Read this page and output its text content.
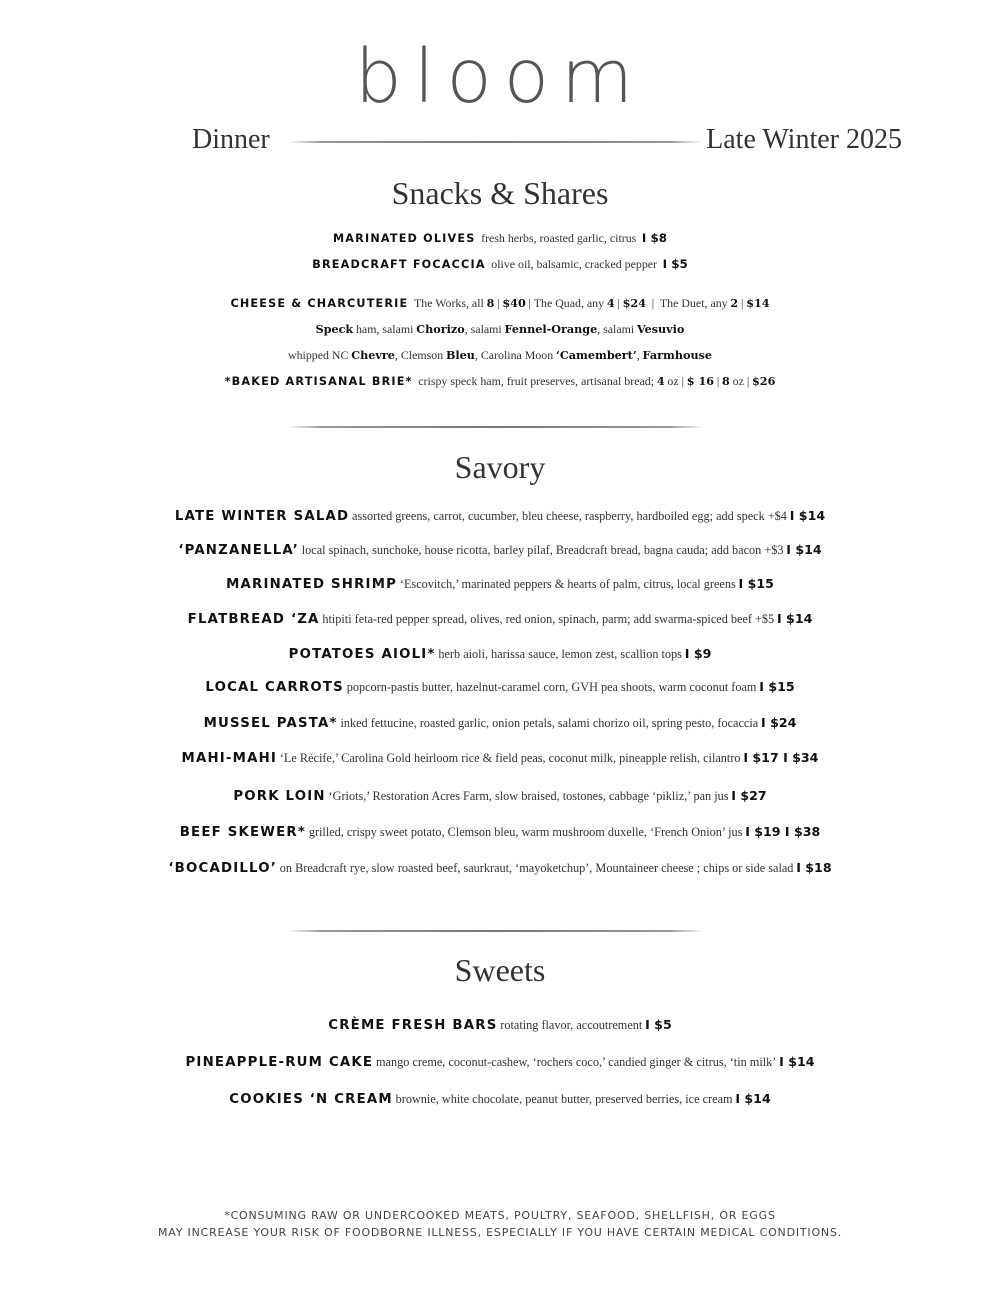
bloom
Dinner	Late Winter 2025
Snacks & Shares
MARINATED OLIVES fresh herbs, roasted garlic, citrus I $8
BREADCRAFT FOCACCIA olive oil, balsamic, cracked pepper I $5
CHEESE & CHARCUTERIE The Works, all 8 | $40 | The Quad, any 4 | $24  |  The Duet, any 2 | $14
Speck ham, salami Chorizo, salami Fennel-Orange, salami Vesuvio
whipped NC Chevre, Clemson Bleu, Carolina Moon ‘Camembert’, Farmhouse
*BAKED ARTISANAL BRIE* crispy speck ham, fruit preserves, artisanal bread; 4 oz | $ 16 | 8 oz | $26
Savory
LATE WINTER SALAD assorted greens, carrot, cucumber, bleu cheese, raspberry, hardboiled egg; add speck +$4 I $14
‘PANZANELLA’ local spinach, sunchoke, house ricotta, barley pilaf, Breadcraft bread, bagna cauda; add bacon +$3 I $14
MARINATED SHRIMP ‘Escovitch,’ marinated peppers & hearts of palm, citrus, local greens I $15
FLATBREAD ‘ZA htipiti feta-red pepper spread, olives, red onion, spinach, parm; add swarma-spiced beef +$5 I $14
POTATOES AIOLI* herb aioli, harissa sauce, lemon zest, scallion tops I $9
LOCAL CARROTS popcorn-pastis butter, hazelnut-caramel corn, GVH pea shoots, warm coconut foam I $15
MUSSEL PASTA* inked fettucine, roasted garlic, onion petals, salami chorizo oil, spring pesto, focaccia I $24
MAHI-MAHI ‘Le Récife,’ Carolina Gold heirloom rice & field peas, coconut milk, pineapple relish, cilantro I $17 I $34
PORK LOIN ‘Griots,’ Restoration Acres Farm, slow braised, tostones, cabbage ‘pikliz,’ pan jus I $27
BEEF SKEWER* grilled, crispy sweet potato, Clemson bleu, warm mushroom duxelle, ‘French Onion’ jus I $19 I $38
‘BOCADILLO’ on Breadcraft rye, slow roasted beef, saurkraut, ‘mayoketchup’, Mountaineer cheese ; chips or side salad I $18
Sweets
CRÈME FRESH BARS rotating flavor, accoutrement I $5
PINEAPPLE-RUM CAKE mango creme, coconut-cashew, ‘rochers coco,’ candied ginger & citrus, ‘tin milk’ I $14
COOKIES ‘N CREAM brownie, white chocolate, peanut butter, preserved berries, ice cream I $14
*CONSUMING RAW OR UNDERCOOKED MEATS, POULTRY, SEAFOOD, SHELLFISH, OR EGGS
MAY INCREASE YOUR RISK OF FOODBORNE ILLNESS, ESPECIALLY IF YOU HAVE CERTAIN MEDICAL CONDITIONS.
